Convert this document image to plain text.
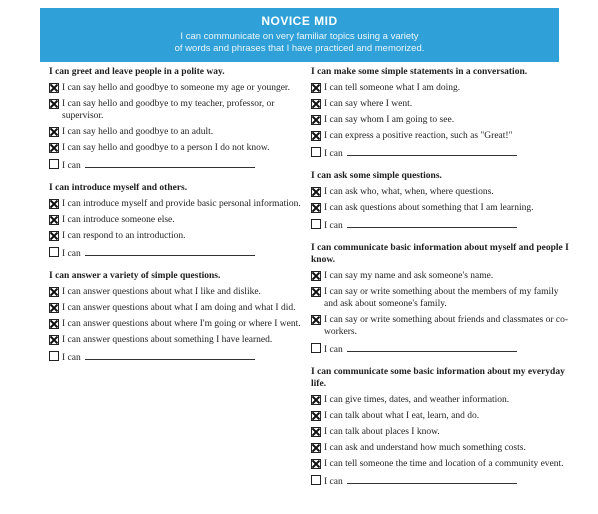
NOVICE MID
I can communicate on very familiar topics using a variety
of words and phrases that I have practiced and memorized.
I can greet and leave people in a polite way.
I can say hello and goodbye to someone my age or younger.
I can say hello and goodbye to my teacher, professor, or supervisor.
I can say hello and goodbye to an adult.
I can say hello and goodbye to a person I do not know.
I can
I can introduce myself and others.
I can introduce myself and provide basic personal information.
I can introduce someone else.
I can respond to an introduction.
I can
I can answer a variety of simple questions.
I can answer questions about what I like and dislike.
I can answer questions about what I am doing and what I did.
I can answer questions about where I'm going or where I went.
I can answer questions about something I have learned.
I can
I can make some simple statements in a conversation.
I can tell someone what I am doing.
I can say where I went.
I can say whom I am going to see.
I can express a positive reaction, such as "Great!"
I can
I can ask some simple questions.
I can ask who, what, when, where questions.
I can ask questions about something that I am learning.
I can
I can communicate basic information about myself and people I know.
I can say my name and ask someone's name.
I can say or write something about the members of my family and ask about someone's family.
I can say or write something about friends and classmates or co-workers.
I can
I can communicate some basic information about my everyday life.
I can give times, dates, and weather information.
I can talk about what I eat, learn, and do.
I can talk about places I know.
I can ask and understand how much something costs.
I can tell someone the time and location of a community event.
I can
